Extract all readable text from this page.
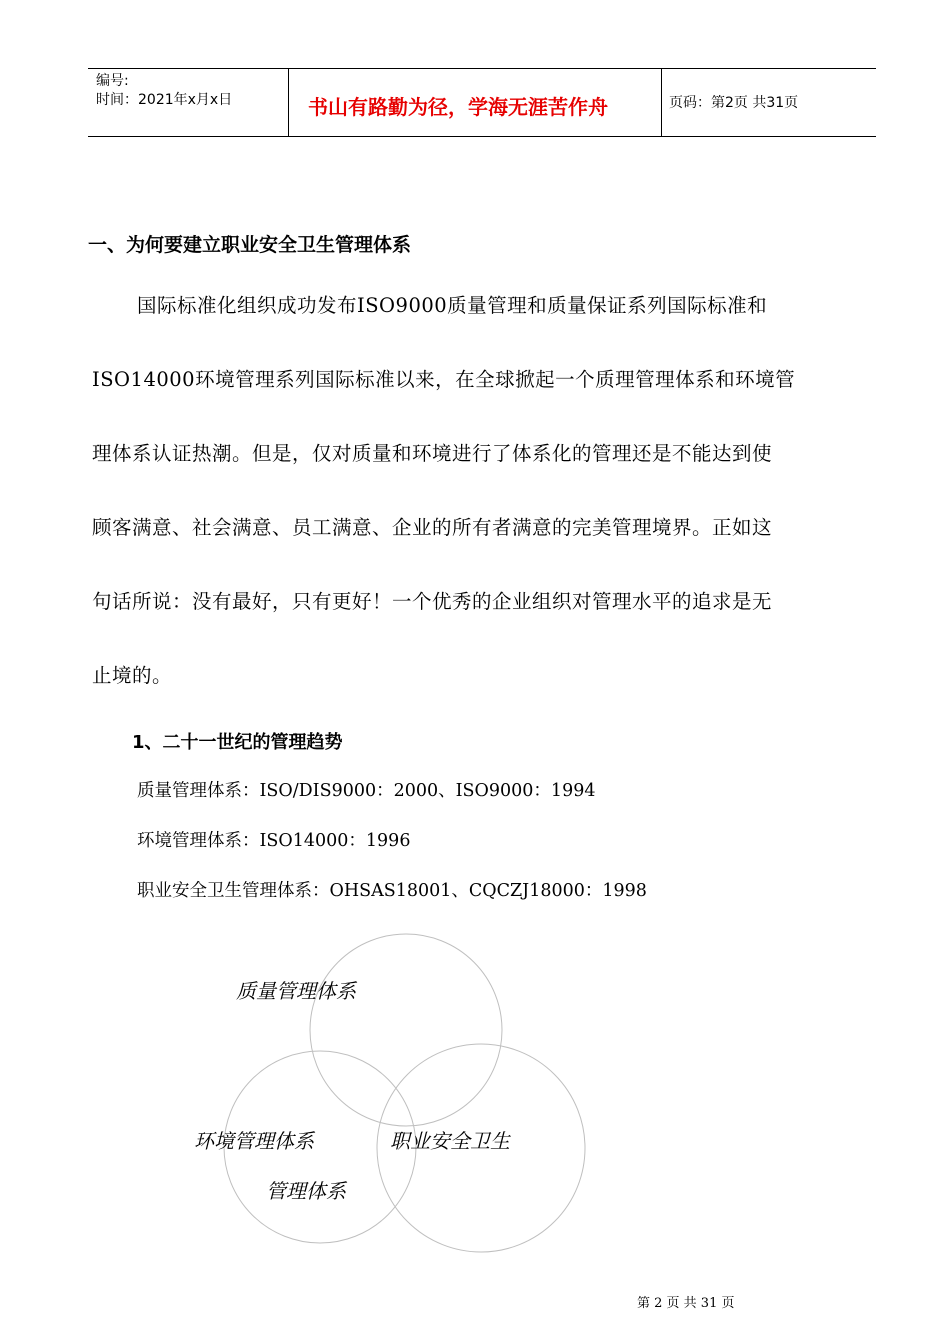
编号:
时间：2021年x月x日	书山有路勤为径，学海无涯苦作舟	页码：第2页 共31页
一、为何要建立职业安全卫生管理体系
国际标准化组织成功发布ISO9000质量管理和质量保证系列国际标准和
ISO14000环境管理系列国际标准以来，在全球掀起一个质理管理体系和环境管
理体系认证热潮。但是，仅对质量和环境进行了体系化的管理还是不能达到使
顾客满意、社会满意、员工满意、企业的所有者满意的完美管理境界。正如这
句话所说：没有最好，只有更好！一个优秀的企业组织对管理水平的追求是无
止境的。
1、二十一世纪的管理趋势
质量管理体系：ISO/DIS9000：2000、ISO9000：1994
环境管理体系：ISO14000：1996
职业安全卫生管理体系：OHSAS18001、CQCZJ18000：1998
质量管理体系
环境管理体系	职业安全卫生
管理体系
第 2 页 共 31 页
